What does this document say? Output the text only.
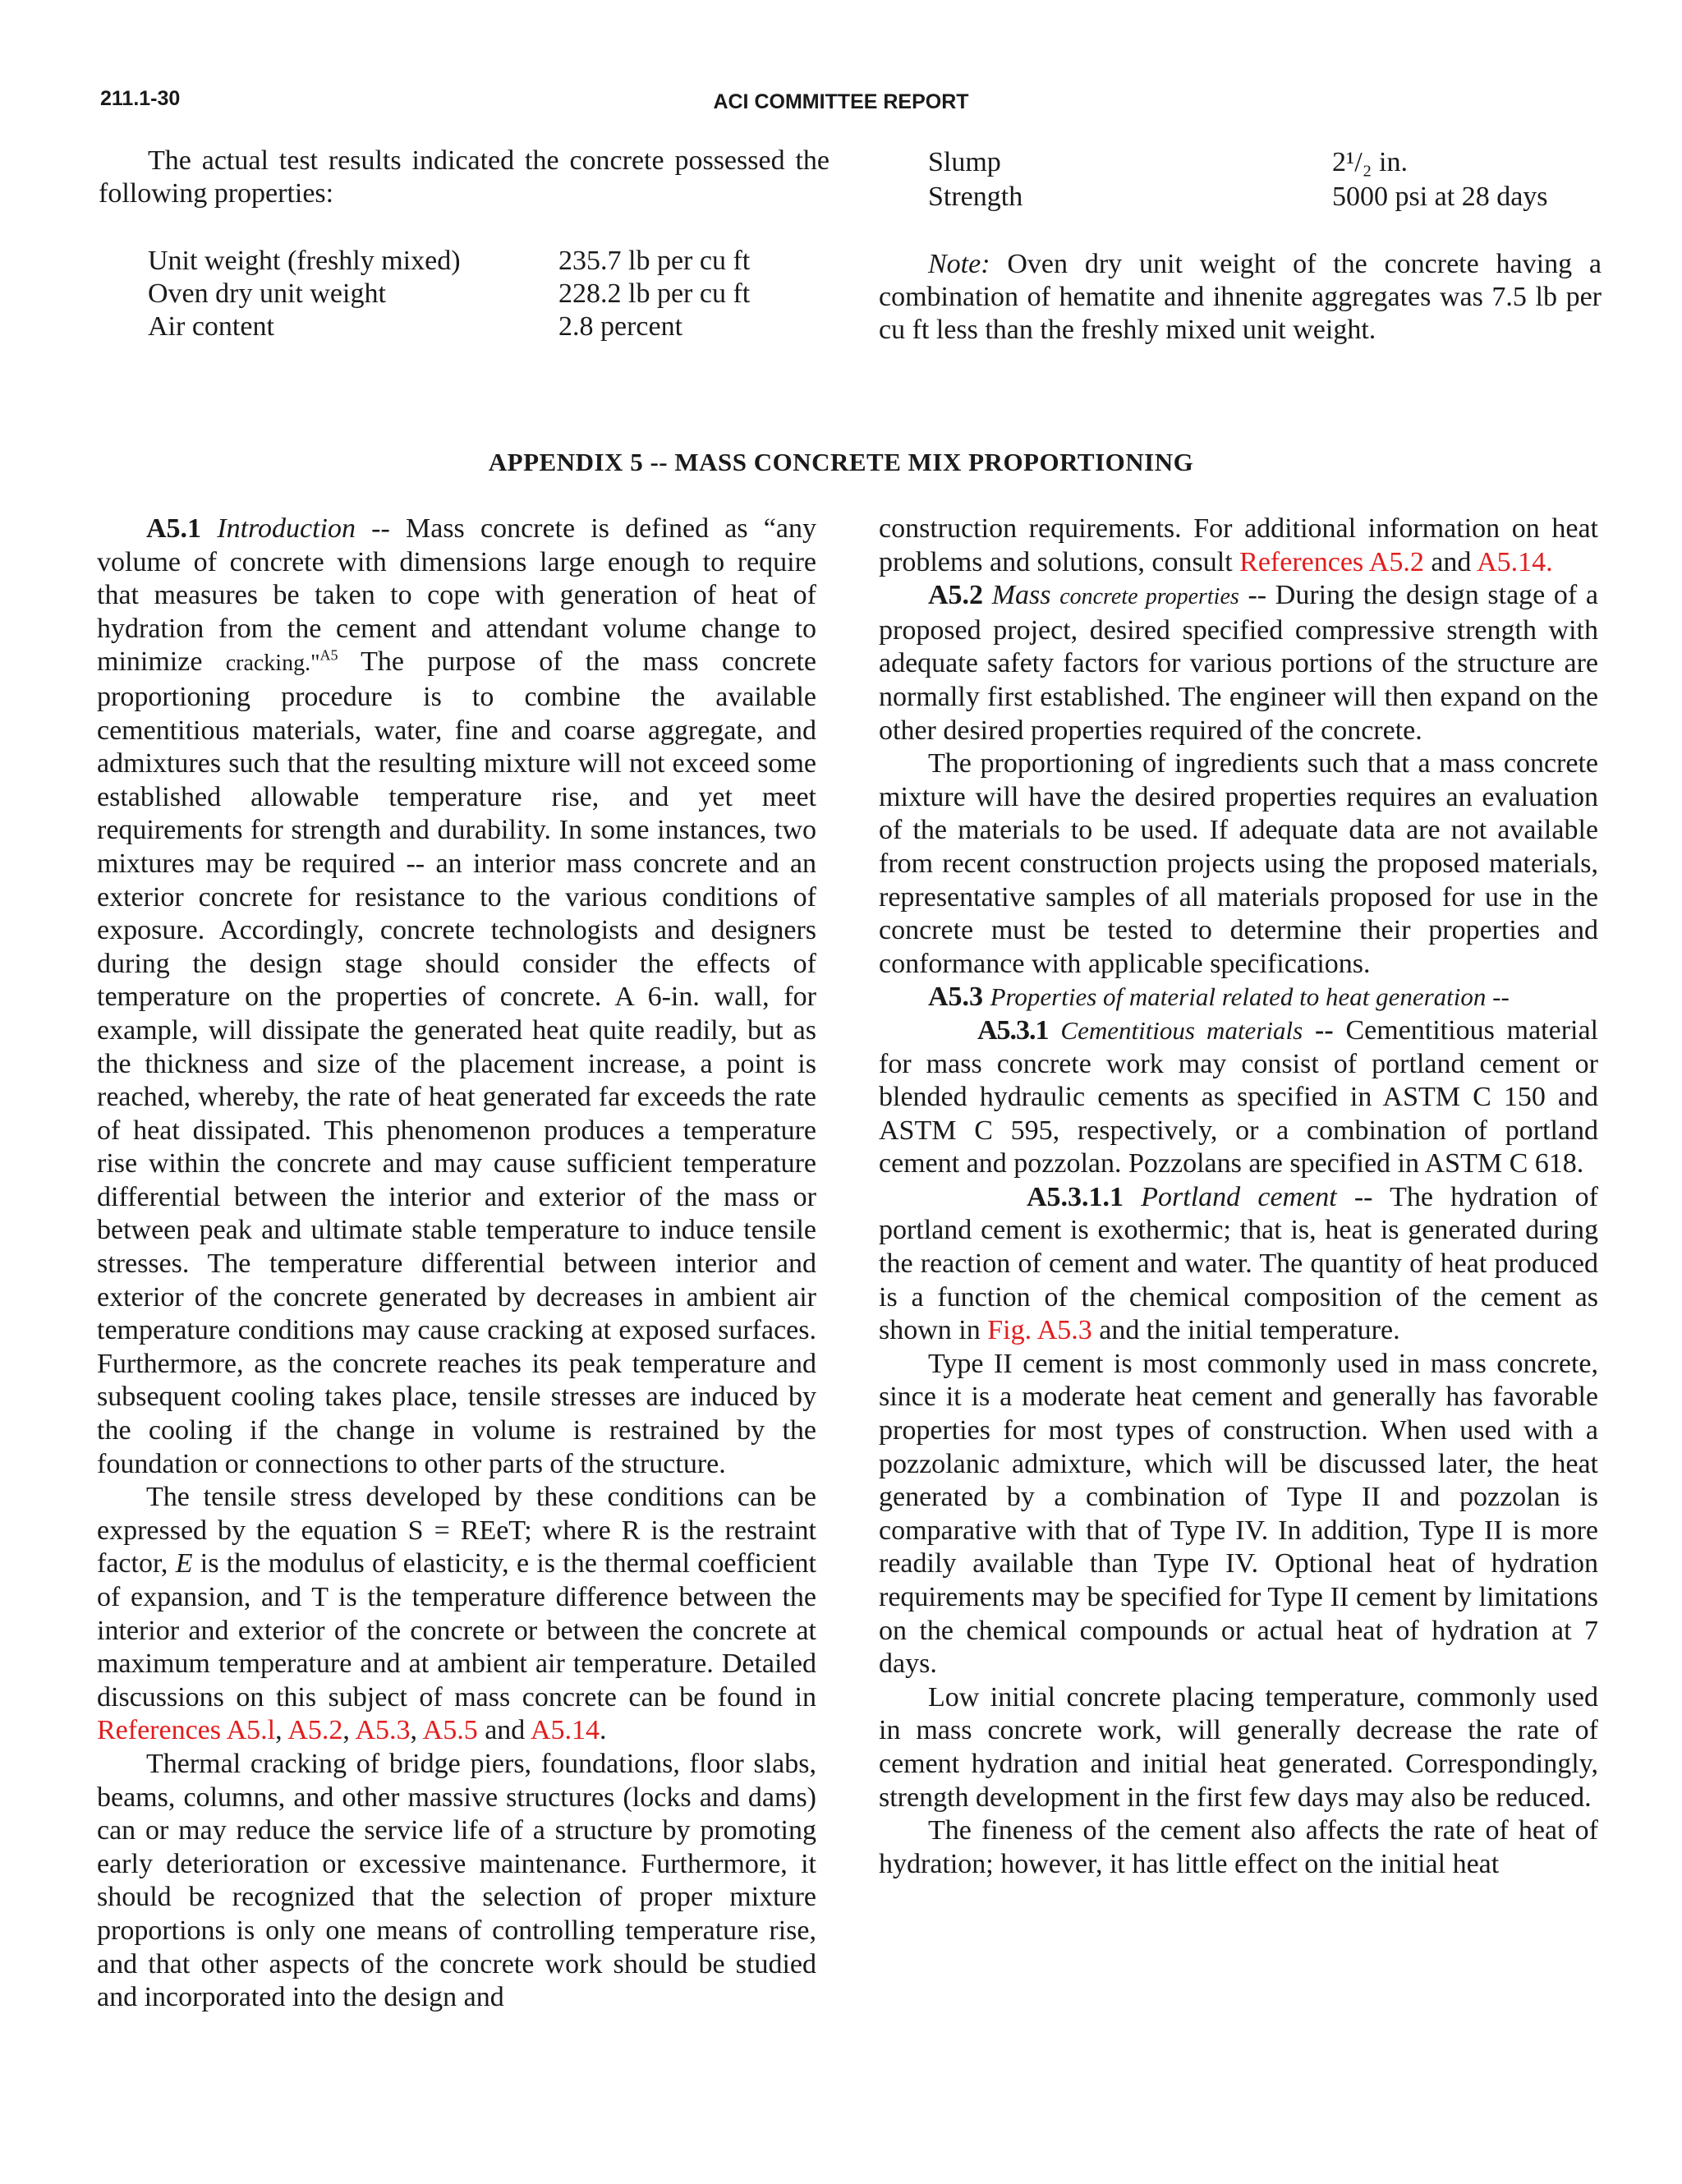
211.1-30	ACI COMMITTEE REPORT

The actual test results indicated the concrete possessed the following properties:

Unit weight (freshly mixed)	235.7 lb per cu ft
Oven dry unit weight	228.2 lb per cu ft
Air content	2.8 percent
Slump	2¹/₂ in.
Strength	5000 psi at 28 days
Note: Oven dry unit weight of the concrete having a combination of hematite and ihnenite aggregates was 7.5 lb per cu ft less than the freshly mixed unit weight.
APPENDIX 5 -- MASS CONCRETE MIX PROPORTIONING

A5.1 Introduction -- Mass concrete is defined as “any volume of concrete with dimensions large enough to require that measures be taken to cope with generation of heat of hydration from the cement and attendant volume change to minimize cracking."$^{A5}$ The purpose of the mass concrete proportioning procedure is to combine the available cementitious materials, water, fine and coarse aggregate, and admixtures such that the resulting mixture will not exceed some established allowable temperature rise, and yet meet requirements for strength and durability. In some instances, two mixtures may be required -- an interior mass concrete and an exterior concrete for resistance to the various conditions of exposure. Accordingly, concrete technologists and designers during the design stage should consider the effects of temperature on the properties of concrete. A 6-in. wall, for example, will dissipate the generated heat quite readily, but as the thickness and size of the placement increase, a point is reached, whereby, the rate of heat generated far exceeds the rate of heat dissipated. This phenomenon produces a temperature rise within the concrete and may cause sufficient temperature differential between the interior and exterior of the mass or between peak and ultimate stable temperature to induce tensile stresses. The temperature differential between interior and exterior of the concrete generated by decreases in ambient air temperature conditions may cause cracking at exposed surfaces. Furthermore, as the concrete reaches its peak temperature and subsequent cooling takes place, tensile stresses are induced by the cooling if the change in volume is restrained by the foundation or connections to other parts of the structure.

The tensile stress developed by these conditions can be expressed by the equation S = REeT; where R is the restraint factor, E is the modulus of elasticity, e is the thermal coefficient of expansion, and T is the temperature difference between the interior and exterior of the concrete or between the concrete at maximum temperature and at ambient air temperature. Detailed discussions on this subject of mass concrete can be found in References A5.l, A5.2, A5.3, A5.5 and A5.14.

Thermal cracking of bridge piers, foundations, floor slabs, beams, columns, and other massive structures (locks and dams) can or may reduce the service life of a structure by promoting early deterioration or excessive maintenance. Furthermore, it should be recognized that the selection of proper mixture proportions is only one means of controlling temperature rise, and that other aspects of the concrete work should be studied and incorporated into the design and

construction requirements. For additional information on heat problems and solutions, consult References A5.2 and A5.14.

A5.2 Mass concrete properties -- During the design stage of a proposed project, desired specified compressive strength with adequate safety factors for various portions of the structure are normally first established. The engineer will then expand on the other desired properties required of the concrete.

The proportioning of ingredients such that a mass concrete mixture will have the desired properties requires an evaluation of the materials to be used. If adequate data are not available from recent construction projects using the proposed materials, representative samples of all materials proposed for use in the concrete must be tested to determine their properties and conformance with applicable specifications.

A5.3 Properties of material related to heat generation --

A5.3.1 Cementitious materials -- Cementitious material for mass concrete work may consist of portland cement or blended hydraulic cements as specified in ASTM C 150 and ASTM C 595, respectively, or a combination of portland cement and pozzolan. Pozzolans are specified in ASTM C 618.

A5.3.1.1 Portland cement -- The hydration of portland cement is exothermic; that is, heat is generated during the reaction of cement and water. The quantity of heat produced is a function of the chemical composition of the cement as shown in Fig. A5.3 and the initial temperature.

Type II cement is most commonly used in mass concrete, since it is a moderate heat cement and generally has favorable properties for most types of construction. When used with a pozzolanic admixture, which will be discussed later, the heat generated by a combination of Type II and pozzolan is comparative with that of Type IV. In addition, Type II is more readily available than Type IV. Optional heat of hydration requirements may be specified for Type II cement by limitations on the chemical compounds or actual heat of hydration at 7 days.

Low initial concrete placing temperature, commonly used in mass concrete work, will generally decrease the rate of cement hydration and initial heat generated. Correspondingly, strength development in the first few days may also be reduced.

The fineness of the cement also affects the rate of heat of hydration; however, it has little effect on the initial heat
